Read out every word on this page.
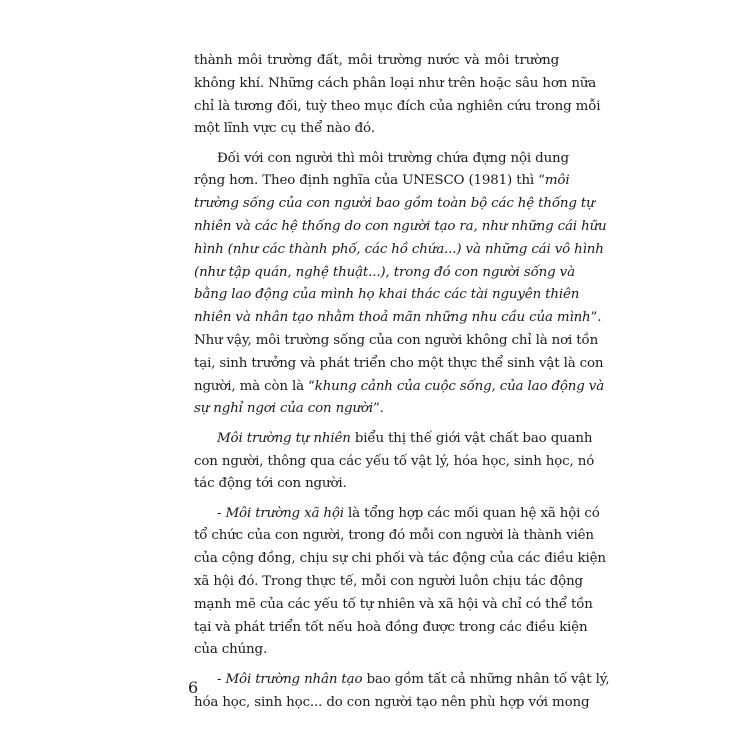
thành môi trường đất, môi trường nước và môi trường
không khí. Những cách phân loại như trên hoặc sâu hơn nữa
chỉ là tương đối, tuỳ theo mục đích của nghiên cứu trong mỗi
một lĩnh vực cụ thể nào đó.
Đối với con người thì môi trường chứa đựng nội dung
rộng hơn. Theo định nghĩa của UNESCO (1981) thì “môi
trường sống của con người bao gồm toàn bộ các hệ thống tự
nhiên và các hệ thống do con người tạo ra, như những cái hữu
hình (như các thành phố, các hồ chứa...) và những cái vô hình
(như tập quán, nghệ thuật...), trong đó con người sống và
bằng lao động của mình họ khai thác các tài nguyên thiên
nhiên và nhân tạo nhằm thoả mãn những nhu cầu của mình”.
Như vậy, môi trường sống của con người không chỉ là nơi tồn
tại, sinh trưởng và phát triển cho một thực thể sinh vật là con
người, mà còn là “khung cảnh của cuộc sống, của lao động và
sự nghỉ ngơi của con người”.
Môi trường tự nhiên biểu thị thế giới vật chất bao quanh
con người, thông qua các yếu tố vật lý, hóa học, sinh học, nó
tác động tới con người.
- Môi trường xã hội là tổng hợp các mối quan hệ xã hội có
tổ chức của con người, trong đó mỗi con người là thành viên
của cộng đồng, chịu sự chi phối và tác động của các điều kiện
xã hội đó. Trong thực tế, mỗi con người luôn chịu tác động
mạnh mẽ của các yếu tố tự nhiên và xã hội và chỉ có thể tồn
tại và phát triển tốt nếu hoà đồng được trong các điều kiện
của chúng.
- Môi trường nhân tạo bao gồm tất cả những nhân tố vật lý,
hóa học, sinh học... do con người tạo nên phù hợp với mong
6
